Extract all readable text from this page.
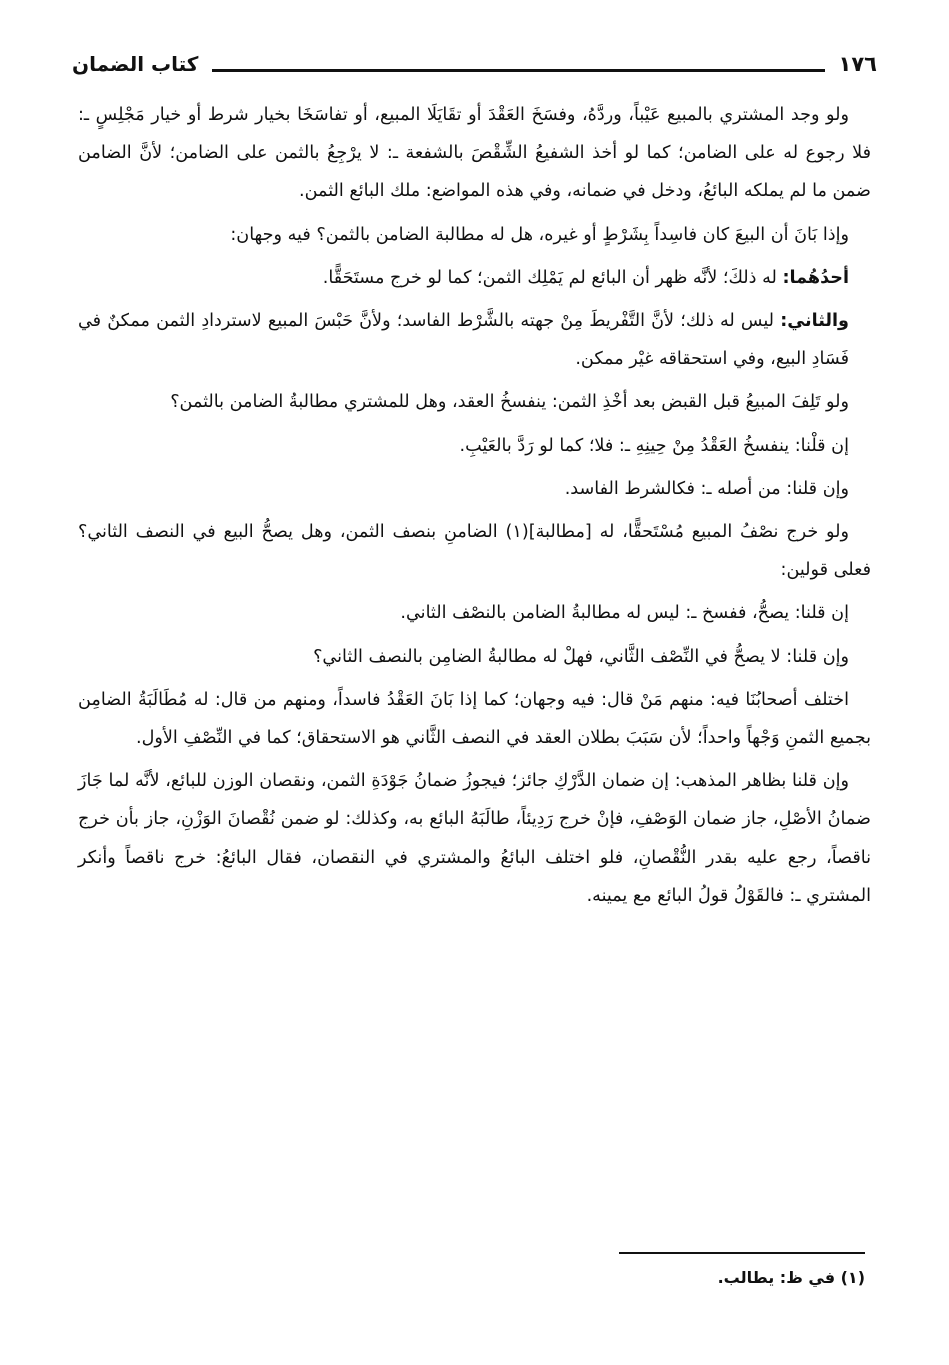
كتاب الضمان	١٧٦

ولو وجد المشتري بالمبيع عَيْباً، وردَّهُ، وفسَخَ العَقْدَ أو تقَايَلَا المبيع، أو تفاسَخَا بخيار شرط أو خيار مَجْلِسٍ ـ: فلا رجوع له على الضامن؛ كما لو أخذ الشفيعُ الشِّقْصَ بالشفعة ـ: لا يرْجِعُ بالثمن على الضامن؛ لأنَّ الضامن ضمن ما لم يملكه البائعُ، ودخل في ضمانه، وفي هذه المواضع: ملك البائع الثمن.

وإذا بَانَ أن البيعَ كان فاسِداً بِشَرْطٍ أو غيره، هل له مطالبة الضامن بالثمن؟ فيه وجهان:

أحدُهُما: له ذلكَ؛ لأنَّه ظهر أن البائع لم يَمْلِك الثمن؛ كما لو خرج مستَحَقًّا.

والثاني: ليس له ذلك؛ لأنَّ التَّفْريطَ مِنْ جهته بالشَّرْط الفاسد؛ ولأنَّ حَبْسَ المبيع لاستردادِ الثمن ممكنٌ في فَسَادِ البيع، وفي استحقاقه غيْر ممكن.

ولو تَلِفَ المبيعُ قبل القبض بعد أخْذِ الثمن: ينفسخُ العقد، وهل للمشتري مطالبةُ الضامن بالثمن؟

إن قلْنا: ينفسخُ العَقْدُ مِنْ حِينِهِ ـ: فلا؛ كما لو رَدَّ بالعَيْبِ.

وإن قلنا: من أصله ـ: فكالشرط الفاسد.

ولو خرج نصْفُ المبيع مُسْتَحقًّا، له [مطالبة](١) الضامنِ بنصف الثمن، وهل يصحُّ البيع في النصف الثاني؟ فعلى قولين:

إن قلنا: يصحُّ، ففسخ ـ: ليس له مطالبةُ الضامن بالنصْف الثاني.

وإن قلنا: لا يصحُّ في النِّصْف الثَّاني، فهلْ له مطالبةُ الضامِن بالنصف الثاني؟

اختلف أصحابُنَا فيه: منهم مَنْ قال: فيه وجهان؛ كما إذا بَانَ العَقْدُ فاسداً، ومنهم من قال: له مُطَالَبَةُ الضامِن بجميع الثمنِ وَجْهاً واحداً؛ لأن سَبَبَ بطلان العقد في النصف الثَّاني هو الاستحقاق؛ كما في النِّصْفِ الأول.

وإن قلنا بظاهر المذهب: إن ضمان الدَّرْكِ جائز؛ فيجوزُ ضمانُ جَوْدَةِ الثمن، ونقصان الوزن للبائع، لأنَّه لما جَازَ ضمانُ الأصْلِ، جاز ضمان الوَصْفِ، فإنْ خرج رَدِيئاً، طالَبَهُ البائع به، وكذلك: لو ضمن نُقْصانَ الوَزْنِ، جاز بأن خرج ناقصاً، رجع عليه بقدر النُّقْصانِ، فلو اختلف البائعُ والمشتري في النقصان، فقال البائعُ: خرج ناقصاً وأنكر المشتري ـ: فالقَوْلُ قولُ البائع مع يمينه.

(١) في ظ: يطالب.
